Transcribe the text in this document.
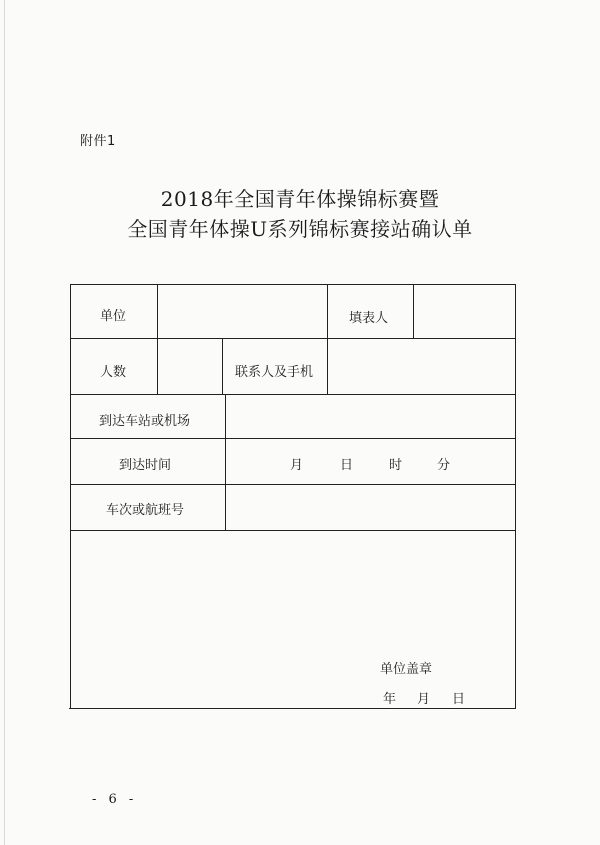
附件1
2018年全国青年体操锦标赛暨
全国青年体操U系列锦标赛接站确认单
单位	填表人
人数	联系人及手机
到达车站或机场
到达时间	月	日	时	分
车次或航班号
单位盖章
年 月 日
- 6 -
